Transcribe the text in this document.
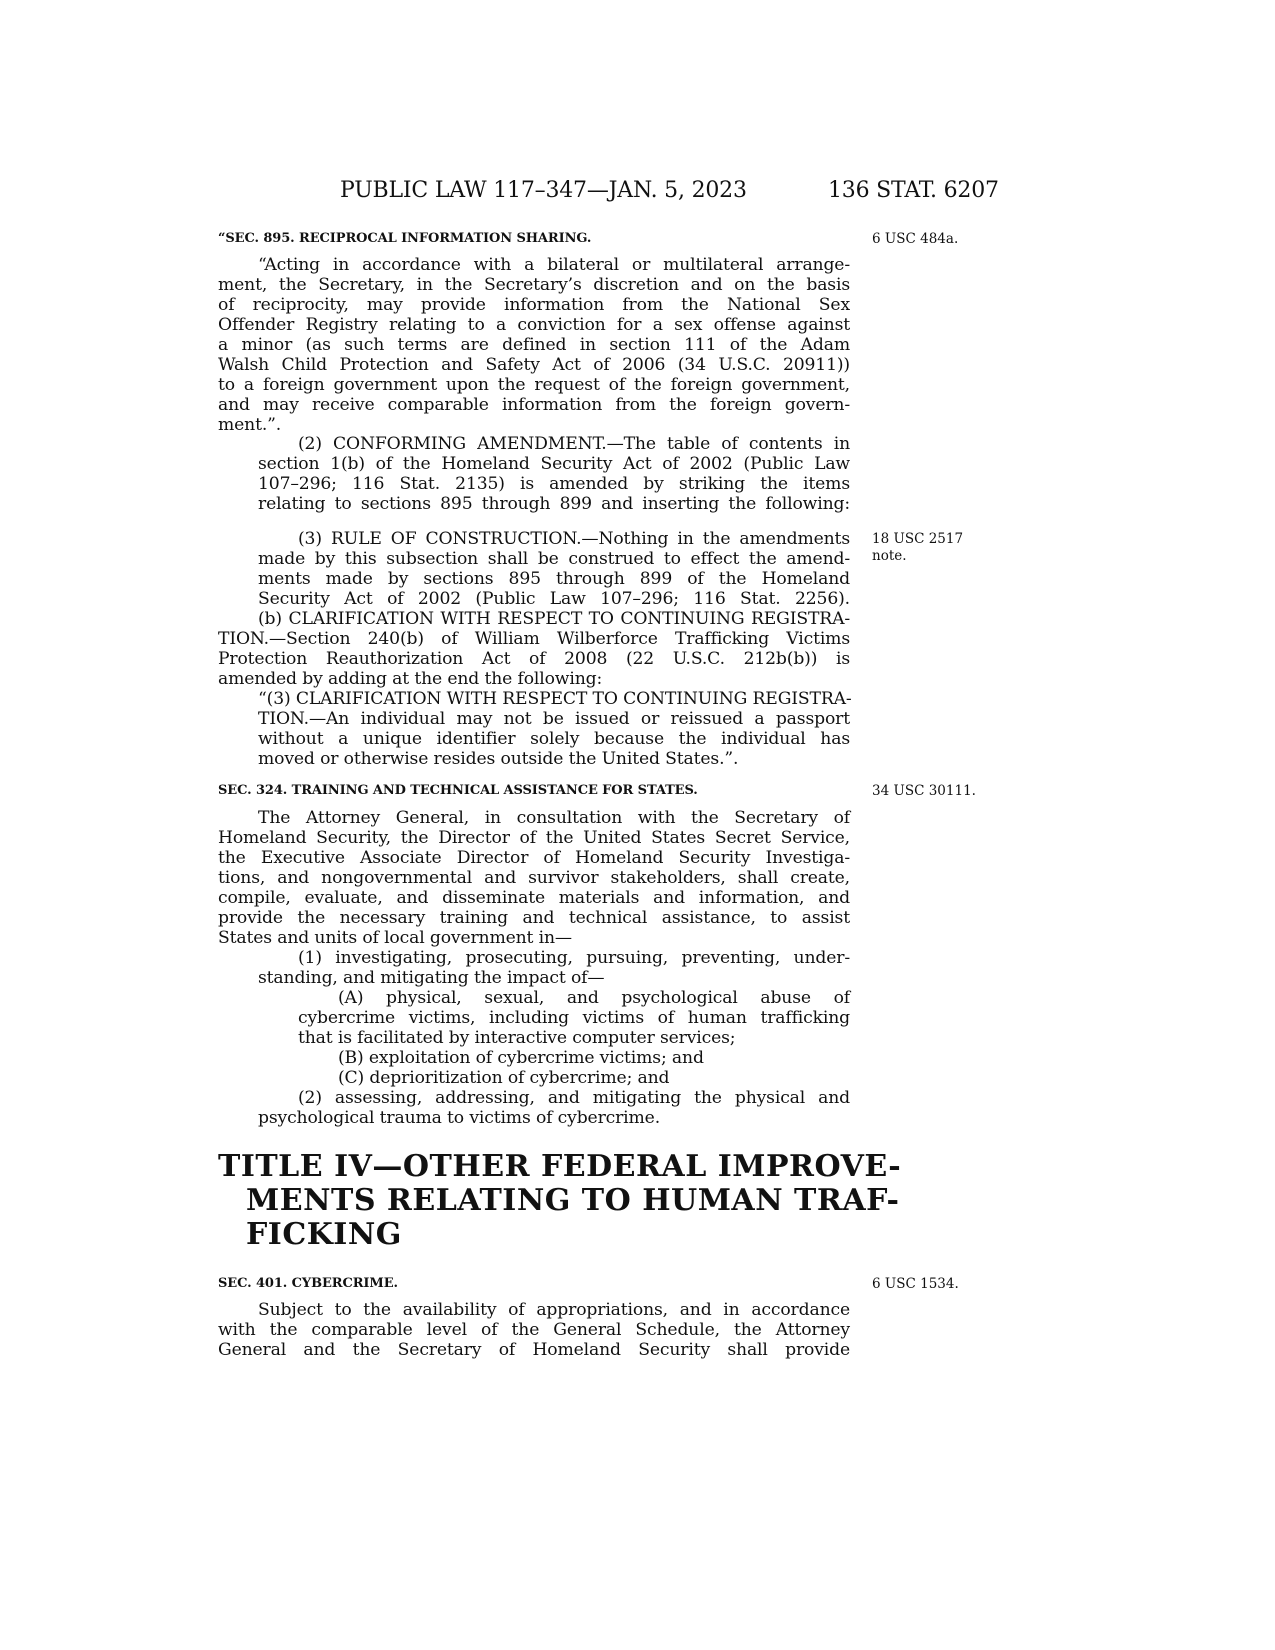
PUBLIC LAW 117–347—JAN. 5, 2023	136 STAT. 6207
“SEC. 895. RECIPROCAL INFORMATION SHARING.	6 USC 484a.
“Acting in accordance with a bilateral or multilateral arrange-
ment, the Secretary, in the Secretary’s discretion and on the basis
of reciprocity, may provide information from the National Sex
Offender Registry relating to a conviction for a sex offense against
a minor (as such terms are defined in section 111 of the Adam
Walsh Child Protection and Safety Act of 2006 (34 U.S.C. 20911))
to a foreign government upon the request of the foreign government,
and may receive comparable information from the foreign govern-
ment.”.
(2) CONFORMING AMENDMENT.—The table of contents in
section 1(b) of the Homeland Security Act of 2002 (Public Law
107–296; 116 Stat. 2135) is amended by striking the items
relating to sections 895 through 899 and inserting the following:
18 USC 2517
note.
(3) RULE OF CONSTRUCTION.—Nothing in the amendments
made by this subsection shall be construed to effect the amend-
ments made by sections 895 through 899 of the Homeland
Security Act of 2002 (Public Law 107–296; 116 Stat. 2256).
(b) CLARIFICATION WITH RESPECT TO CONTINUING REGISTRA-
TION.—Section 240(b) of William Wilberforce Trafficking Victims
Protection Reauthorization Act of 2008 (22 U.S.C. 212b(b)) is
amended by adding at the end the following:
“(3) CLARIFICATION WITH RESPECT TO CONTINUING REGISTRA-
TION.—An individual may not be issued or reissued a passport
without a unique identifier solely because the individual has
moved or otherwise resides outside the United States.”.
SEC. 324. TRAINING AND TECHNICAL ASSISTANCE FOR STATES.	34 USC 30111.
The Attorney General, in consultation with the Secretary of
Homeland Security, the Director of the United States Secret Service,
the Executive Associate Director of Homeland Security Investiga-
tions, and nongovernmental and survivor stakeholders, shall create,
compile, evaluate, and disseminate materials and information, and
provide the necessary training and technical assistance, to assist
States and units of local government in—
(1) investigating, prosecuting, pursuing, preventing, under-
standing, and mitigating the impact of—
(A) physical, sexual, and psychological abuse of
cybercrime victims, including victims of human trafficking
that is facilitated by interactive computer services;
(B) exploitation of cybercrime victims; and
(C) deprioritization of cybercrime; and
(2) assessing, addressing, and mitigating the physical and
psychological trauma to victims of cybercrime.
TITLE IV—OTHER FEDERAL IMPROVE-
MENTS RELATING TO HUMAN TRAF-
FICKING
SEC. 401. CYBERCRIME.	6 USC 1534.
Subject to the availability of appropriations, and in accordance
with the comparable level of the General Schedule, the Attorney
General and the Secretary of Homeland Security shall provide
